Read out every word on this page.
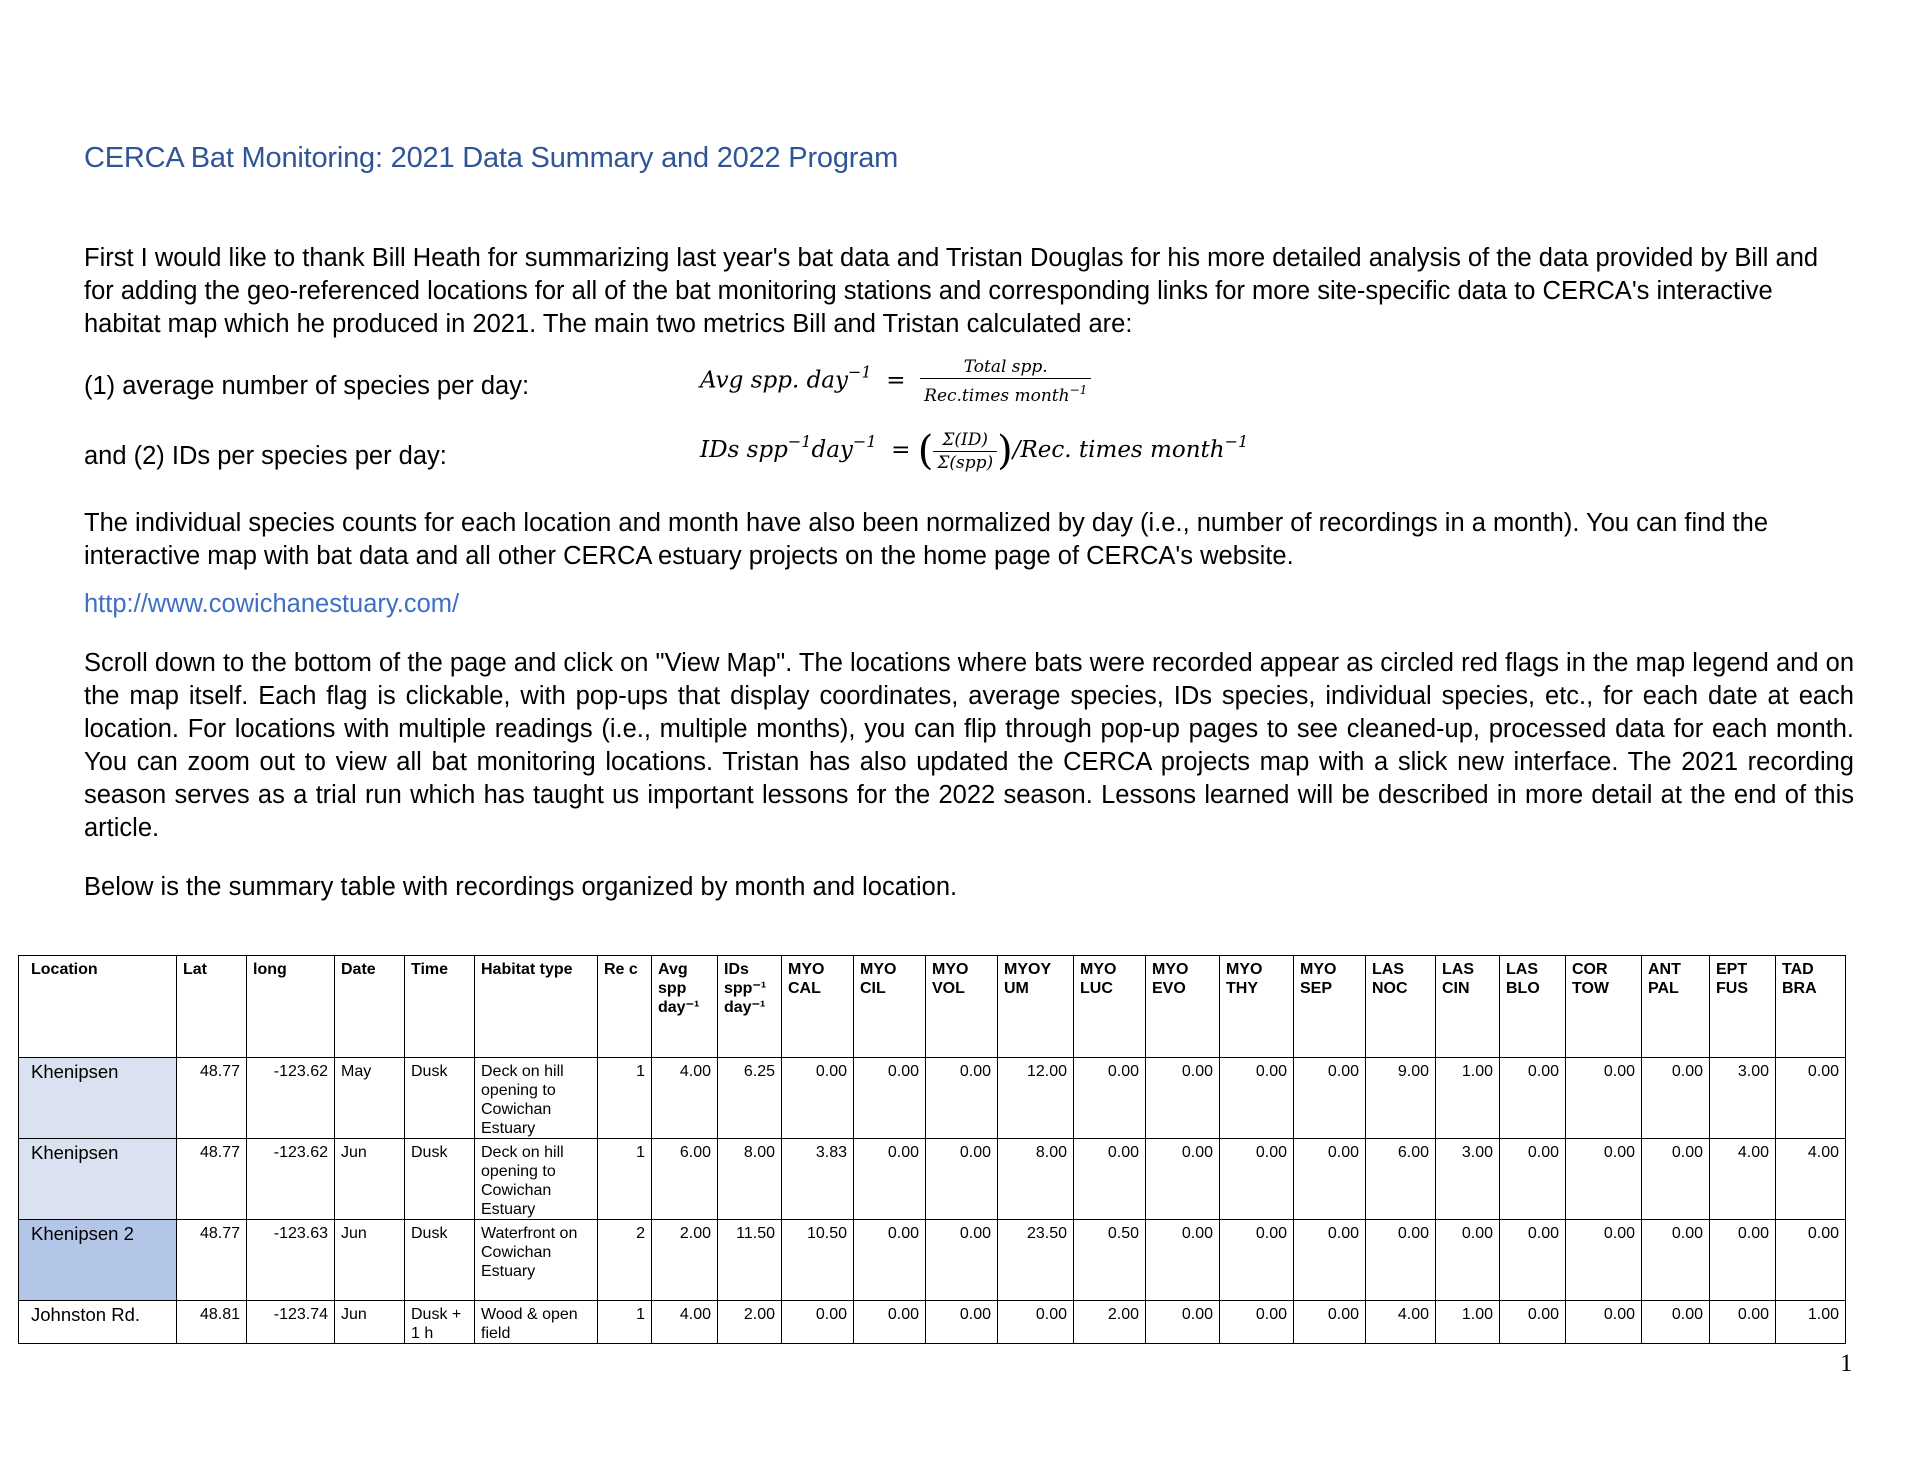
CERCA Bat Monitoring: 2021 Data Summary and 2022 Program

First I would like to thank Bill Heath for summarizing last year's bat data and Tristan Douglas for his more detailed analysis of the data provided by Bill and for adding the geo-referenced locations for all of the bat monitoring stations and corresponding links for more site-specific data to CERCA's interactive habitat map which he produced in 2021. The main two metrics Bill and Tristan calculated are:

(1) average number of species per day:	Avg spp. $day^{-1} = \frac{\text{Total spp.}}{Rec.times month^{-1}}$
and (2) IDs per species per day:	IDs spp$^{-1}$day$^{-1}$  = ( $\frac{\Sigma(ID)}{\text{Σ(spp)}} )/Rec$. times month$^{-1}$

The individual species counts for each location and month have also been normalized by day (i.e., number of recordings in a month). You can find the interactive map with bat data and all other CERCA estuary projects on the home page of CERCA's website.

http://www.cowichanestuary.com/

Scroll down to the bottom of the page and click on "View Map". The locations where bats were recorded appear as circled red flags in the map legend and on the map itself. Each flag is clickable, with pop-ups that display coordinates, average species, IDs species, individual species, etc., for each date at each location. For locations with multiple readings (i.e., multiple months), you can flip through pop-up pages to see cleaned-up, processed data for each month. You can zoom out to view all bat monitoring locations. Tristan has also updated the CERCA projects map with a slick new interface. The 2021 recording season serves as a trial run which has taught us important lessons for the 2022 season. Lessons learned will be described in more detail at the end of this article.

Below is the summary table with recordings organized by month and location.

Location	Lat	long	Date	Time	Habitat type	Re c	Avg spp day⁻¹	IDs spp⁻¹ day⁻¹	MYO CAL	MYO CIL	MYO VOL	MYOY UM	MYO LUC	MYO EVO	MYO THY	MYO SEP	LAS NOC	LAS CIN	LAS BLO	COR TOW	ANT PAL	EPT FUS	TAD BRA
Khenipsen	48.77	-123.62	May	Dusk	Deck on hill opening to Cowichan Estuary	1	4.00	6.25	0.00	0.00	0.00	12.00	0.00	0.00	0.00	0.00	9.00	1.00	0.00	0.00	0.00	3.00	0.00
Khenipsen	48.77	-123.62	Jun	Dusk	Deck on hill opening to Cowichan Estuary	1	6.00	8.00	3.83	0.00	0.00	8.00	0.00	0.00	0.00	0.00	6.00	3.00	0.00	0.00	0.00	4.00	4.00
Khenipsen 2	48.77	-123.63	Jun	Dusk	Waterfront on Cowichan Estuary	2	2.00	11.50	10.50	0.00	0.00	23.50	0.50	0.00	0.00	0.00	0.00	0.00	0.00	0.00	0.00	0.00	0.00
Johnston Rd.	48.81	-123.74	Jun	Dusk + 1 h	Wood & open field	1	4.00	2.00	0.00	0.00	0.00	0.00	2.00	0.00	0.00	0.00	4.00	1.00	0.00	0.00	0.00	0.00	1.00
1
